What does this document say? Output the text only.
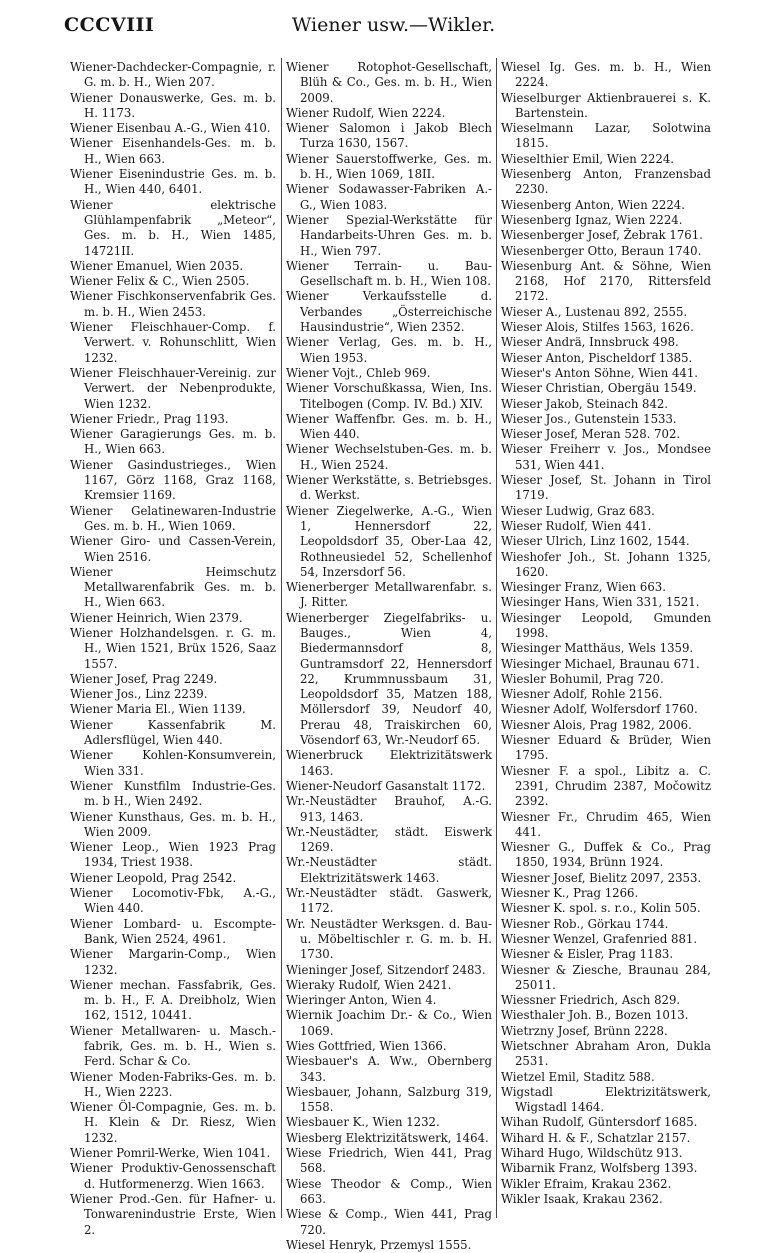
CCCVIII	Wiener usw.—Wikler.
Wiener-Dachdecker-Compagnie, r. G. m. b. H., Wien 207.
Wiener Donauswerke, Ges. m. b. H. 1173.
Wiener Eisenbau A.-G., Wien 410.
Wiener Eisenhandels-Ges. m. b. H., Wien 663.
Wiener Eisenindustrie Ges. m. b. H., Wien 440, 6401.
Wiener elektrische Glühlampenfabrik „Meteor“, Ges. m. b. H., Wien 1485, 14721II.
Wiener Emanuel, Wien 2035.
Wiener Felix & C., Wien 2505.
Wiener Fischkonservenfabrik Ges. m. b. H., Wien 2453.
Wiener Fleischhauer-Comp. f. Verwert. v. Rohunschlitt, Wien 1232.
Wiener Fleischhauer-Vereinig. zur Verwert. der Nebenprodukte, Wien 1232.
Wiener Friedr., Prag 1193.
Wiener Garagierungs Ges. m. b. H., Wien 663.
Wiener Gasindustrieges., Wien 1167, Görz 1168, Graz 1168, Kremsier 1169.
Wiener Gelatinewaren-Industrie Ges. m. b. H., Wien 1069.
Wiener Giro- und Cassen-Verein, Wien 2516.
Wiener Heimschutz Metallwarenfabrik Ges. m. b. H., Wien 663.
Wiener Heinrich, Wien 2379.
Wiener Holzhandelsgen. r. G. m. H., Wien 1521, Brüx 1526, Saaz 1557.
Wiener Josef, Prag 2249.
Wiener Jos., Linz 2239.
Wiener Maria El., Wien 1139.
Wiener Kassenfabrik M. Adlersflügel, Wien 440.
Wiener Kohlen-Konsumverein, Wien 331.
Wiener Kunstfilm Industrie-Ges. m. b H., Wien 2492.
Wiener Kunsthaus, Ges. m. b. H., Wien 2009.
Wiener Leop., Wien 1923 Prag 1934, Triest 1938.
Wiener Leopold, Prag 2542.
Wiener Locomotiv-Fbk, A.-G., Wien 440.
Wiener Lombard- u. Escompte-Bank, Wien 2524, 4961.
Wiener Margarin-Comp., Wien 1232.
Wiener mechan. Fassfabrik, Ges. m. b. H., F. A. Dreibholz, Wien 162, 1512, 10441.
Wiener Metallwaren- u. Masch.-fabrik, Ges. m. b. H., Wien s. Ferd. Schar & Co.
Wiener Moden-Fabriks-Ges. m. b. H., Wien 2223.
Wiener Öl-Compagnie, Ges. m. b. H. Klein & Dr. Riesz, Wien 1232.
Wiener Pomril-Werke, Wien 1041.
Wiener Produktiv-Genossenschaft d. Hutformenerzg. Wien 1663.
Wiener Prod.-Gen. für Hafner- u. Tonwarenindustrie Erste, Wien 2.
Wiener Rotophot-Gesellschaft, Blüh & Co., Ges. m. b. H., Wien 2009.
Wiener Rudolf, Wien 2224.
Wiener Salomon i Jakob Blech Turza 1630, 1567.
Wiener Sauerstoffwerke, Ges. m. b. H., Wien 1069, 18II.
Wiener Sodawasser-Fabriken A.-G., Wien 1083.
Wiener Spezial-Werkstätte für Handarbeits-Uhren Ges. m. b. H., Wien 797.
Wiener Terrain- u. Bau-Gesellschaft m. b. H., Wien 108.
Wiener Verkaufsstelle d. Verbandes „Österreichische Hausindustrie“, Wien 2352.
Wiener Verlag, Ges. m. b. H., Wien 1953.
Wiener Vojt., Chleb 969.
Wiener Vorschußkassa, Wien, Ins. Titelbogen (Comp. IV. Bd.) XIV.
Wiener Waffenfbr. Ges. m. b. H., Wien 440.
Wiener Wechselstuben-Ges. m. b. H., Wien 2524.
Wiener Werkstätte, s. Betriebsges. d. Werkst.
Wiener Ziegelwerke, A.-G., Wien 1, Hennersdorf 22, Leopoldsdorf 35, Ober-Laa 42, Rothneusiedel 52, Schellenhof 54, Inzersdorf 56.
Wienerberger Metallwarenfabr. s. J. Ritter.
Wienerberger Ziegelfabriks- u. Bauges., Wien 4, Biedermannsdorf 8, Guntramsdorf 22, Hennersdorf 22, Krummnussbaum 31, Leopoldsdorf 35, Matzen 188, Möllersdorf 39, Neudorf 40, Prerau 48, Traiskirchen 60, Vösendorf 63, Wr.-Neudorf 65.
Wienerbruck Elektrizitätswerk 1463.
Wiener-Neudorf Gasanstalt 1172.
Wr.-Neustädter Brauhof, A.-G. 913, 1463.
Wr.-Neustädter, städt. Eiswerk 1269.
Wr.-Neustädter städt. Elektrizitätswerk 1463.
Wr.-Neustädter städt. Gaswerk, 1172.
Wr. Neustädter Werksgen. d. Bau- u. Möbeltischler r. G. m. b. H. 1730.
Wieninger Josef, Sitzendorf 2483.
Wieraky Rudolf, Wien 2421.
Wieringer Anton, Wien 4.
Wiernik Joachim Dr.- & Co., Wien 1069.
Wies Gottfried, Wien 1366.
Wiesbauer's A. Ww., Obernberg 343.
Wiesbauer, Johann, Salzburg 319, 1558.
Wiesbauer K., Wien 1232.
Wiesberg Elektrizitätswerk, 1464.
Wiese Friedrich, Wien 441, Prag 568.
Wiese Theodor & Comp., Wien 663.
Wiese & Comp., Wien 441, Prag 720.
Wiesel Henryk, Przemysl 1555.
Wiesel Ig. Ges. m. b. H., Wien 2224.
Wieselburger Aktienbrauerei s. K. Bartenstein.
Wieselmann Lazar, Solotwina 1815.
Wieselthier Emil, Wien 2224.
Wiesenberg Anton, Franzensbad 2230.
Wiesenberg Anton, Wien 2224.
Wiesenberg Ignaz, Wien 2224.
Wiesenberger Josef, Žebrak 1761.
Wiesenberger Otto, Beraun 1740.
Wiesenburg Ant. & Söhne, Wien 2168, Hof 2170, Rittersfeld 2172.
Wieser A., Lustenau 892, 2555.
Wieser Alois, Stilfes 1563, 1626.
Wieser Andrä, Innsbruck 498.
Wieser Anton, Pischeldorf 1385.
Wieser's Anton Söhne, Wien 441.
Wieser Christian, Obergäu 1549.
Wieser Jakob, Steinach 842.
Wieser Jos., Gutenstein 1533.
Wieser Josef, Meran 528. 702.
Wieser Freiherr v. Jos., Mondsee 531, Wien 441.
Wieser Josef, St. Johann in Tirol 1719.
Wieser Ludwig, Graz 683.
Wieser Rudolf, Wien 441.
Wieser Ulrich, Linz 1602, 1544.
Wieshofer Joh., St. Johann 1325, 1620.
Wiesinger Franz, Wien 663.
Wiesinger Hans, Wien 331, 1521.
Wiesinger Leopold, Gmunden 1998.
Wiesinger Matthäus, Wels 1359.
Wiesinger Michael, Braunau 671.
Wiesler Bohumil, Prag 720.
Wiesner Adolf, Rohle 2156.
Wiesner Adolf, Wolfersdorf 1760.
Wiesner Alois, Prag 1982, 2006.
Wiesner Eduard & Brüder, Wien 1795.
Wiesner F. a spol., Libitz a. C. 2391, Chrudim 2387, Močowitz 2392.
Wiesner Fr., Chrudim 465, Wien 441.
Wiesner G., Duffek & Co., Prag 1850, 1934, Brünn 1924.
Wiesner Josef, Bielitz 2097, 2353.
Wiesner K., Prag 1266.
Wiesner K. spol. s. r.o., Kolin 505.
Wiesner Rob., Görkau 1744.
Wiesner Wenzel, Grafenried 881.
Wiesner & Eisler, Prag 1183.
Wiesner & Ziesche, Braunau 284, 25011.
Wiessner Friedrich, Asch 829.
Wiesthaler Joh. B., Bozen 1013.
Wietrzny Josef, Brünn 2228.
Wietschner Abraham Aron, Dukla 2531.
Wietzel Emil, Staditz 588.
Wigstadl Elektrizitätswerk, Wigstadl 1464.
Wihan Rudolf, Güntersdorf 1685.
Wihard H. & F., Schatzlar 2157.
Wihard Hugo, Wildschütz 913.
Wibarnik Franz, Wolfsberg 1393.
Wikler Efraim, Krakau 2362.
Wikler Isaak, Krakau 2362.
